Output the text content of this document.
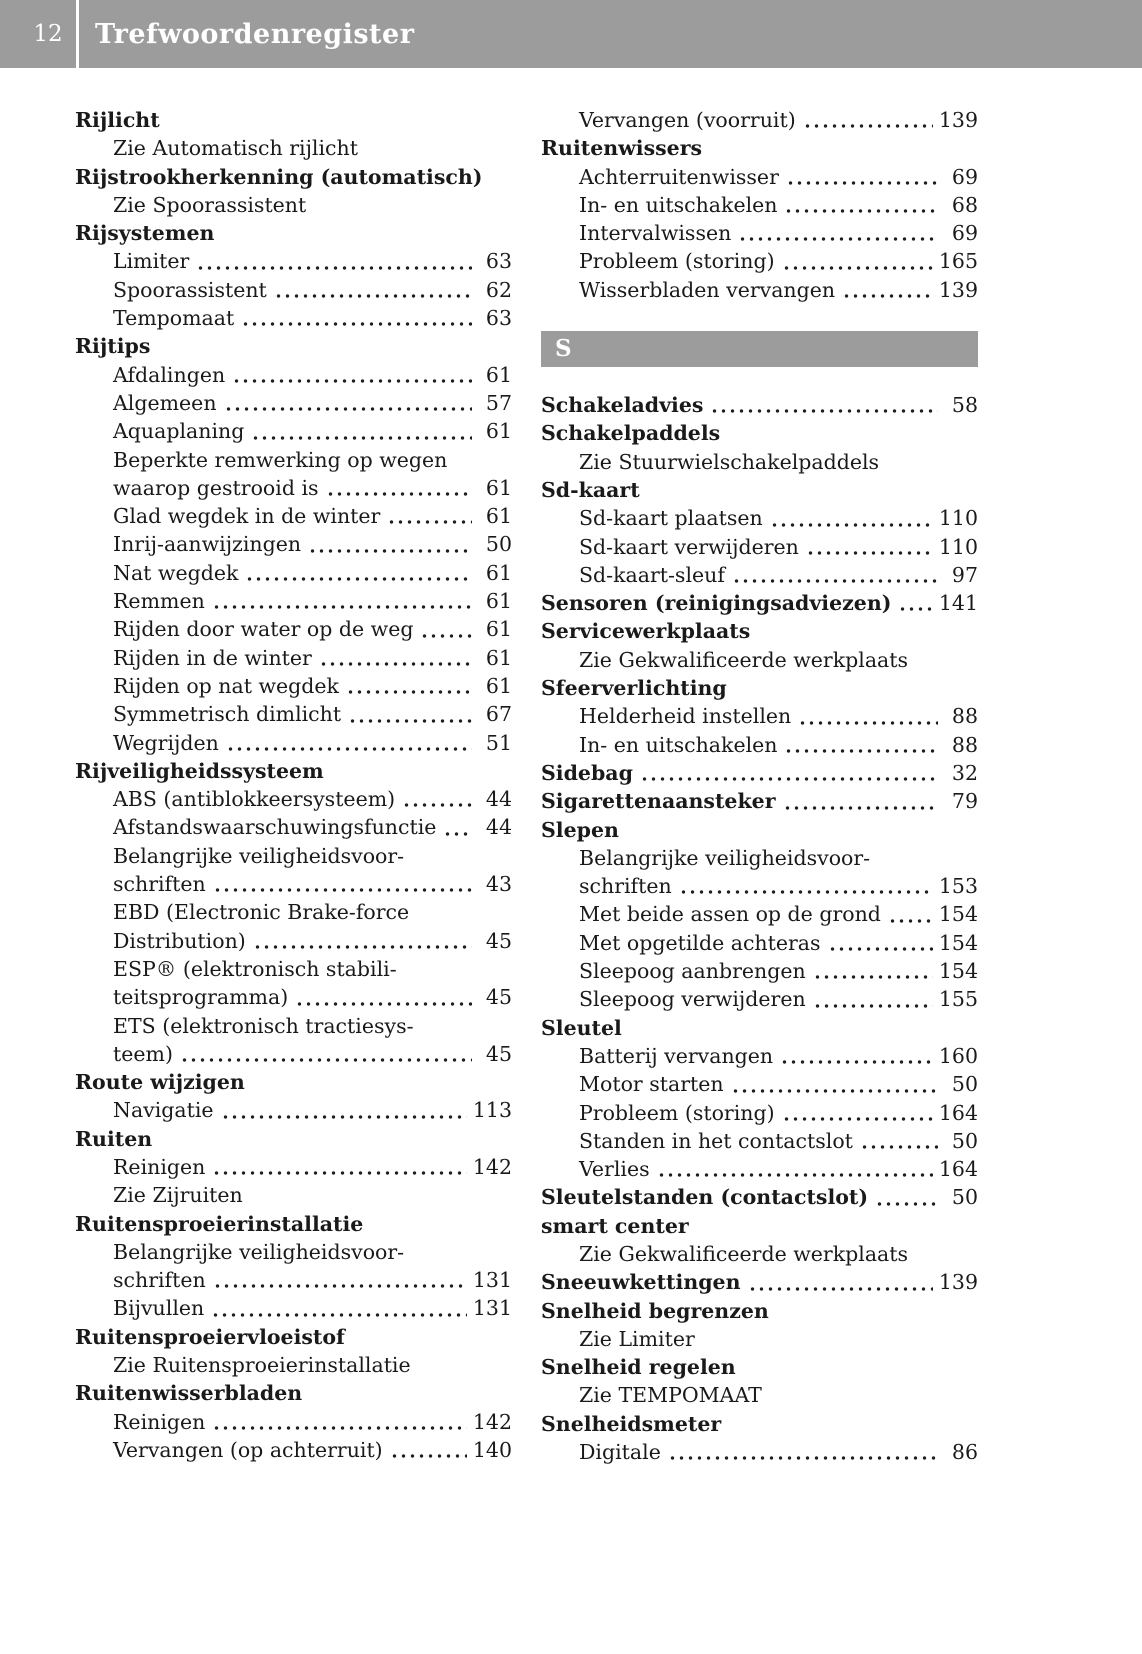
12 Trefwoordenregister
Rijlicht
Zie Automatisch rijlicht
Rijstrookherkenning (automatisch)
Zie Spoorassistent
Rijsystemen
Limiter	63
Spoorassistent	62
Tempomaat	63
Rijtips
Afdalingen	61
Algemeen	57
Aquaplaning	61
Beperkte remwerking op wegen
waarop gestrooid is	61
Glad wegdek in de winter	61
Inrij-aanwijzingen	50
Nat wegdek	61
Remmen	61
Rijden door water op de weg	61
Rijden in de winter	61
Rijden op nat wegdek	61
Symmetrisch dimlicht	67
Wegrijden	51
Rijveiligheidssysteem
ABS (antiblokkeersysteem)	44
Afstandswaarschuwingsfunctie	44
Belangrijke veiligheidsvoor-
schriften	43
EBD (Electronic Brake-force
Distribution)	45
ESP® (elektronisch stabili-
teitsprogramma)	45
ETS (elektronisch tractiesys-
teem)	45
Route wijzigen
Navigatie	113
Ruiten
Reinigen	142
Zie Zijruiten
Ruitensproeierinstallatie
Belangrijke veiligheidsvoor-
schriften	131
Bijvullen	131
Ruitensproeiervloeistof
Zie Ruitensproeierinstallatie
Ruitenwisserbladen
Reinigen	142
Vervangen (op achterruit)	140
Vervangen (voorruit)	139
Ruitenwissers
Achterruitenwisser	69
In- en uitschakelen	68
Intervalwissen	69
Probleem (storing)	165
Wisserbladen vervangen	139
S
Schakeladvies	58
Schakelpaddels
Zie Stuurwielschakelpaddels
Sd-kaart
Sd-kaart plaatsen	110
Sd-kaart verwijderen	110
Sd-kaart-sleuf	97
Sensoren (reinigingsadviezen) 141
Servicewerkplaats
Zie Gekwalificeerde werkplaats
Sfeerverlichting
Helderheid instellen	88
In- en uitschakelen	88
Sidebag	32
Sigarettenaansteker	79
Slepen
Belangrijke veiligheidsvoor-
schriften	153
Met beide assen op de grond	154
Met opgetilde achteras	154
Sleepoog aanbrengen	154
Sleepoog verwijderen	155
Sleutel
Batterij vervangen	160
Motor starten	50
Probleem (storing)	164
Standen in het contactslot	50
Verlies	164
Sleutelstanden (contactslot)	50
smart center
Zie Gekwalificeerde werkplaats
Sneeuwkettingen	139
Snelheid begrenzen
Zie Limiter
Snelheid regelen
Zie TEMPOMAAT
Snelheidsmeter
Digitale	86
